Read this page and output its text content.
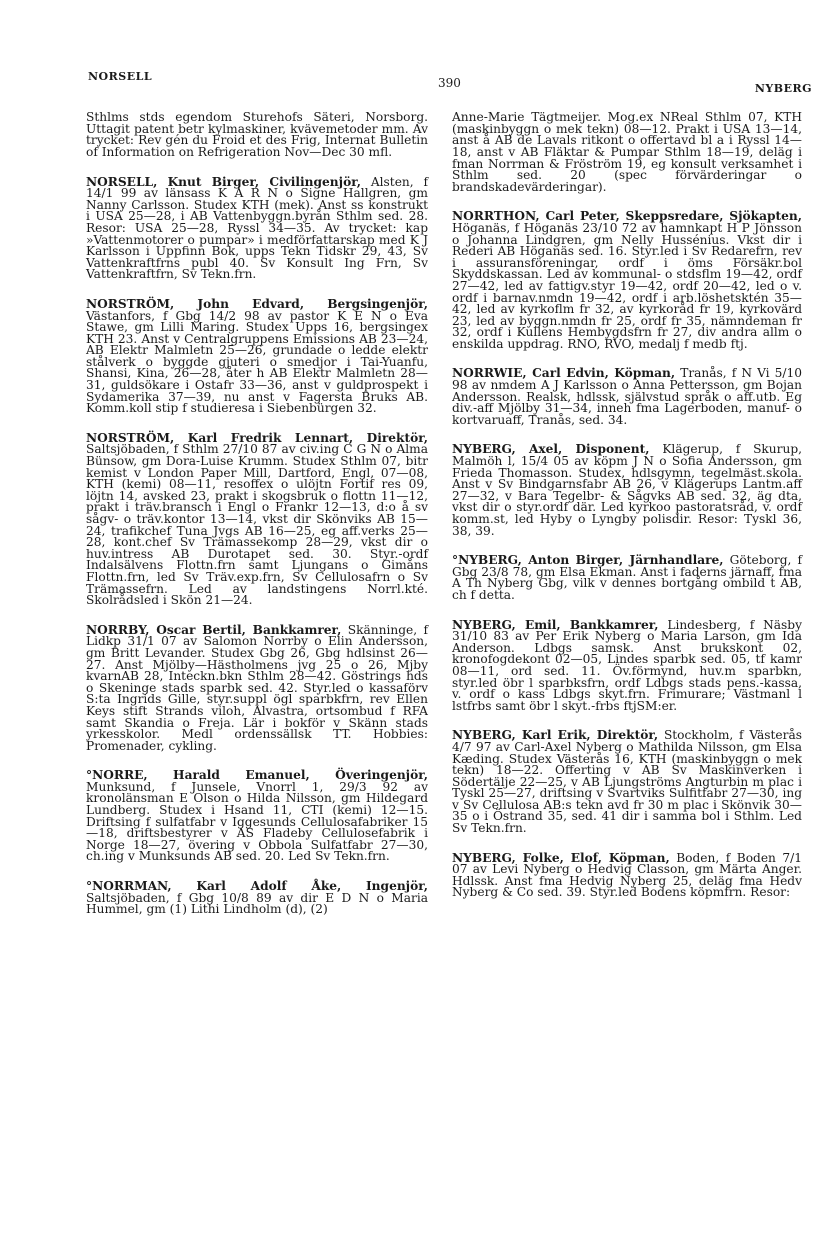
NORSELL	390	NYBERG

Sthlms stds egendom Sturehofs Säteri, Norsborg. Uttagit patent betr kylmaskiner, kvävemetoder mm. Av trycket: Rev gén du Froid et des Frig, Internat Bulletin of Information on Refrigeration Nov—Dec 30 mfl.

NORSELL, Knut Birger, Civilingenjör, Alsten, f 14/1 99 av länsass K A R N o Signe Hallgren, gm Nanny Carlsson. Studex KTH (mek). Anst ss konstrukt i USA 25—28, i AB Vattenbyggn.byrån Sthlm sed. 28. Resor: USA 25—28, Ryssl 34—35. Av trycket: kap »Vattenmotorer o pumpar» i medförfattarskap med K J Karlsson i Uppfinn Bok, upps Tekn Tidskr 29, 43, Sv Vattenkraftfrns publ 40. Sv Konsult Ing Frn, Sv Vattenkraftfrn, Sv Tekn.frn.

NORSTRÖM, John Edvard, Bergsingenjör, Västanfors, f Gbg 14/2 98 av pastor K E N o Eva Stawe, gm Lilli Maring. Studex Upps 16, bergsingex KTH 23. Anst v Centralgruppens Emissions AB 23—24, AB Elektr Malmletn 25—26, grundade o ledde elektr stålverk o byggde gjuteri o smedjor i Tai-Yuanfu, Shansi, Kina, 26—28, åter h AB Elektr Malmletn 28—31, guldsökare i Ostafr 33—36, anst v guldprospekt i Sydamerika 37—39, nu anst v Fagersta Bruks AB. Komm.koll stip f studieresa i Siebenbürgen 32.

NORSTRÖM, Karl Fredrik Lennart, Direktör, Saltsjöbaden, f Sthlm 27/10 87 av civ.ing C G N o Alma Bünsow, gm Dora-Luise Krumm. Studex Sthlm 07, bitr kemist v London Paper Mill, Dartford, Engl, 07—08, KTH (kemi) 08—11, resoffex o ulöjtn Fortif res 09, löjtn 14, avsked 23, prakt i skogsbruk o flottn 11—12, prakt i träv.bransch i Engl o Frankr 12—13, d:o å sv sågv- o träv.kontor 13—14, vkst dir Skönviks AB 15—24, trafikchef Tuna Jvgs AB 16—25, eg aff.verks 25—28, kont.chef Sv Trämassekomp 28—29, vkst dir o huv.intress AB Durotapet sed. 30. Styr.-ordf Indalsälvens Flottn.frn samt Ljungans o Gimåns Flottn.frn, led Sv Träv.exp.frn, Sv Cellulosafrn o Sv Trämassefrn. Led av landstingens Norrl.kté. Skolrådsled i Skön 21—24.

NORRBY, Oscar Bertil, Bankkamrer, Skänninge, f Lidkp 31/1 07 av Salomon Norrby o Elin Andersson, gm Britt Levander. Studex Gbg 26, Gbg hdlsinst 26—27. Anst Mjölby—Hästholmens jvg 25 o 26, Mjby kvarnAB 28, Inteckn.bkn Sthlm 28—42. Göstrings hds o Skeninge stads sparbk sed. 42. Styr.led o kassaförv S:ta Ingrids Gille, styr.suppl ögl sparbkfrn, rev Ellen Keys stift Strands viloh, Alvastra, ortsombud f RFA samt Skandia o Freja. Lär i bokför v Skänn stads yrkesskolor. Medl ordenssällsk TT. Hobbies: Promenader, cykling.

°NORRE, Harald Emanuel, Överingenjör, Munksund, f Junsele, Vnorrl 1, 29/3 92 av kronolänsman E Olson o Hilda Nilsson, gm Hildegard Lundberg. Studex i Hsand 11, CTI (kemi) 12—15. Driftsing f sulfatfabr v Iggesunds Cellulosafabriker 15—18, driftsbestyrer v AS Fladeby Cellulosefabrik i Norge 18—27, övering v Obbola Sulfatfabr 27—30, ch.ing v Munksunds AB sed. 20. Led Sv Tekn.frn.

°NORRMAN, Karl Adolf Åke, Ingenjör, Saltsjöbaden, f Gbg 10/8 89 av dir E D N o Maria Hummel, gm (1) Lithi Lindholm (d), (2)

Anne-Marie Tägtmeijer. Mog.ex NReal Sthlm 07, KTH (maskinbyggn o mek tekn) 08—12. Prakt i USA 13—14, anst å AB de Lavals ritkont o offertavd bl a i Ryssl 14—18, anst v AB Fläktar & Pumpar Sthlm 18—19, deläg i fman Norrman & Fröström 19, eg konsult verksamhet i Sthlm sed. 20 (spec förvärderingar o brandskadevärderingar).

NORRTHON, Carl Peter, Skeppsredare, Sjökapten, Höganäs, f Höganäs 23/10 72 av hamnkapt H P Jönsson o Johanna Lindgren, gm Nelly Hussénius. Vkst dir i Rederi AB Höganäs sed. 16. Styr.led i Sv Redarefrn, rev i assuransföreningar, ordf i öms Försäkr.bol Skyddskassan. Led av kommunal- o stdsflm 19—42, ordf 27—42, led av fattigv.styr 19—42, ordf 20—42, led o v. ordf i barnav.nmdn 19—42, ordf i arb.löshetsktén 35—42, led av kyrkoflm fr 32, av kyrkoråd fr 19, kyrkovärd 23, led av byggn.nmdn fr 25, ordf fr 35, nämndeman fr 32, ordf i Kullens Hembygdsfrn fr 27, div andra allm o enskilda uppdrag. RNO, RVO, medalj f medb ftj.

NORRWIE, Carl Edvin, Köpman, Tranås, f N Vi 5/10 98 av nmdem A J Karlsson o Anna Pettersson, gm Bojan Andersson. Realsk, hdlssk, självstud språk o aff.utb. Eg div.-aff Mjölby 31—34, inneh fma Lagerboden, manuf- o kortvaruaff, Tranås, sed. 34.

NYBERG, Axel, Disponent, Klägerup, f Skurup, Malmöh l, 15/4 05 av köpm J N o Sofia Andersson, gm Frieda Thomasson. Studex, hdlsgymn, tegelmäst.skola. Anst v Sv Bindgarnsfabr AB 26, v Klägerups Lantm.aff 27—32, v Bara Tegelbr- & Sågvks AB sed. 32, äg dta, vkst dir o styr.ordf där. Led kyrkoo pastoratsråd, v. ordf komm.st, led Hyby o Lyngby polisdir. Resor: Tyskl 36, 38, 39.

°NYBERG, Anton Birger, Järnhandlare, Göteborg, f Gbg 23/8 78, gm Elsa Ekman. Anst i faderns järnaff, fma A Th Nyberg Gbg, vilk v dennes bortgång ombild t AB, ch f detta.

NYBERG, Emil, Bankkamrer, Lindesberg, f Näsby 31/10 83 av Per Erik Nyberg o Maria Larson, gm Ida Anderson. Ldbgs samsk. Anst brukskont 02, kronofogdekont 02—05, Lindes sparbk sed. 05, tf kamr 08—11, ord sed. 11. Öv.förmynd, huv.m sparbkn, styr.led öbr l sparbksfrn, ordf Ldbgs stads pens.-kassa, v. ordf o kass Ldbgs skyt.frn. Frimurare; Västmanl l lstfrbs samt öbr l skyt.-frbs ftjSM:er.

NYBERG, Karl Erik, Direktör, Stockholm, f Västerås 4/7 97 av Carl-Axel Nyberg o Mathilda Nilsson, gm Elsa Kæding. Studex Västerås 16, KTH (maskinbyggn o mek tekn) 18—22. Offerting v AB Sv Maskinverken i Södertälje 22—25, v AB Ljungströms Angturbin m plac i Tyskl 25—27, driftsing v Svartviks Sulfitfabr 27—30, ing v Sv Cellulosa AB:s tekn avd fr 30 m plac i Skönvik 30—35 o i Östrand 35, sed. 41 dir i samma bol i Sthlm. Led Sv Tekn.frn.

NYBERG, Folke, Elof, Köpman, Boden, f Boden 7/1 07 av Levi Nyberg o Hedvig Classon, gm Märta Anger. Hdlssk. Anst fma Hedvig Nyberg 25, deläg fma Hedv Nyberg & Co sed. 39. Styr.led Bodens köpmfrn. Resor:
